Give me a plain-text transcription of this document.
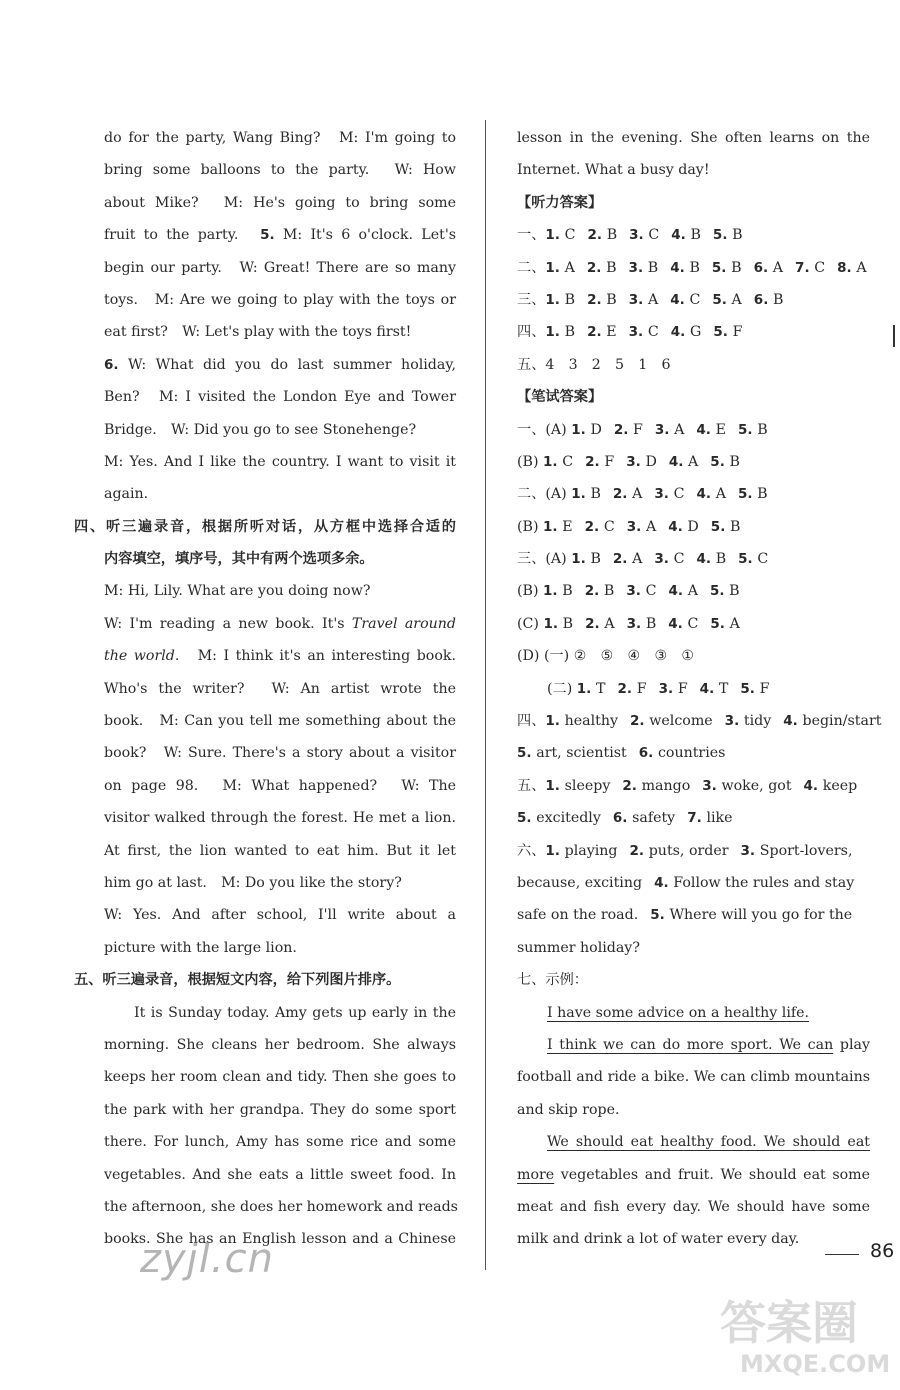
do for the party, Wang Bing?　M: I'm going to
bring some balloons to the party.　W: How
about Mike?　M: He's going to bring some
fruit to the party.　5. M: It's 6 o'clock. Let's
begin our party.　W: Great! There are so many
toys.　M: Are we going to play with the toys or
eat first?　W: Let's play with the toys first!
6. W: What did you do last summer holiday,
Ben?　M: I visited the London Eye and Tower
Bridge.　W: Did you go to see Stonehenge?
M: Yes. And I like the country. I want to visit it
again.
四、听三遍录音，根据所听对话，从方框中选择合适的
内容填空，填序号，其中有两个选项多余。
M: Hi, Lily. What are you doing now?
W: I'm reading a new book. It's Travel around
the world.　M: I think it's an interesting book.
Who's the writer?　W: An artist wrote the
book.　M: Can you tell me something about the
book?　W: Sure. There's a story about a visitor
on page 98.　M: What happened?　W: The
visitor walked through the forest. He met a lion.
At first, the lion wanted to eat him. But it let
him go at last.　M: Do you like the story?
W: Yes. And after school, I'll write about a
picture with the large lion.
五、听三遍录音，根据短文内容，给下列图片排序。
It is Sunday today. Amy gets up early in the
morning. She cleans her bedroom. She always
keeps her room clean and tidy. Then she goes to
the park with her grandpa. They do some sport
there. For lunch, Amy has some rice and some
vegetables. And she eats a little sweet food. In
the afternoon, she does her homework and reads
books. She has an English lesson and a Chinese
lesson in the evening. She often learns on the
Internet. What a busy day!
【听力答案】
一、1. C 2. B 3. C 4. B 5. B
二、1. A 2. B 3. B 4. B 5. B 6. A 7. C 8. A
三、1. B 2. B 3. A 4. C 5. A 6. B
四、1. B 2. E 3. C 4. G 5. F
五、4　3　2　5　1　6
【笔试答案】
一、(A) 1. D 2. F 3. A 4. E 5. B
(B) 1. C 2. F 3. D 4. A 5. B
二、(A) 1. B 2. A 3. C 4. A 5. B
(B) 1. E 2. C 3. A 4. D 5. B
三、(A) 1. B 2. A 3. C 4. B 5. C
(B) 1. B 2. B 3. C 4. A 5. B
(C) 1. B 2. A 3. B 4. C 5. A
(D) (一) ②　⑤　④　③　①
(二) 1. T 2. F 3. F 4. T 5. F
四、1. healthy 2. welcome 3. tidy 4. begin/start
5. art, scientist 6. countries
五、1. sleepy 2. mango 3. woke, got 4. keep
5. excitedly 6. safety 7. like
六、1. playing 2. puts, order 3. Sport-lovers,
because, exciting 4. Follow the rules and stay
safe on the road. 5. Where will you go for the
summer holiday?
七、示例：
I have some advice on a healthy life.
I think we can do more sport. We can play
football and ride a bike. We can climb mountains
and skip rope.
We should eat healthy food. We should eat
more vegetables and fruit. We should eat some
meat and fish every day. We should have some
milk and drink a lot of water every day.
86
zyjl.cn
答案圈
MXQE.COM
